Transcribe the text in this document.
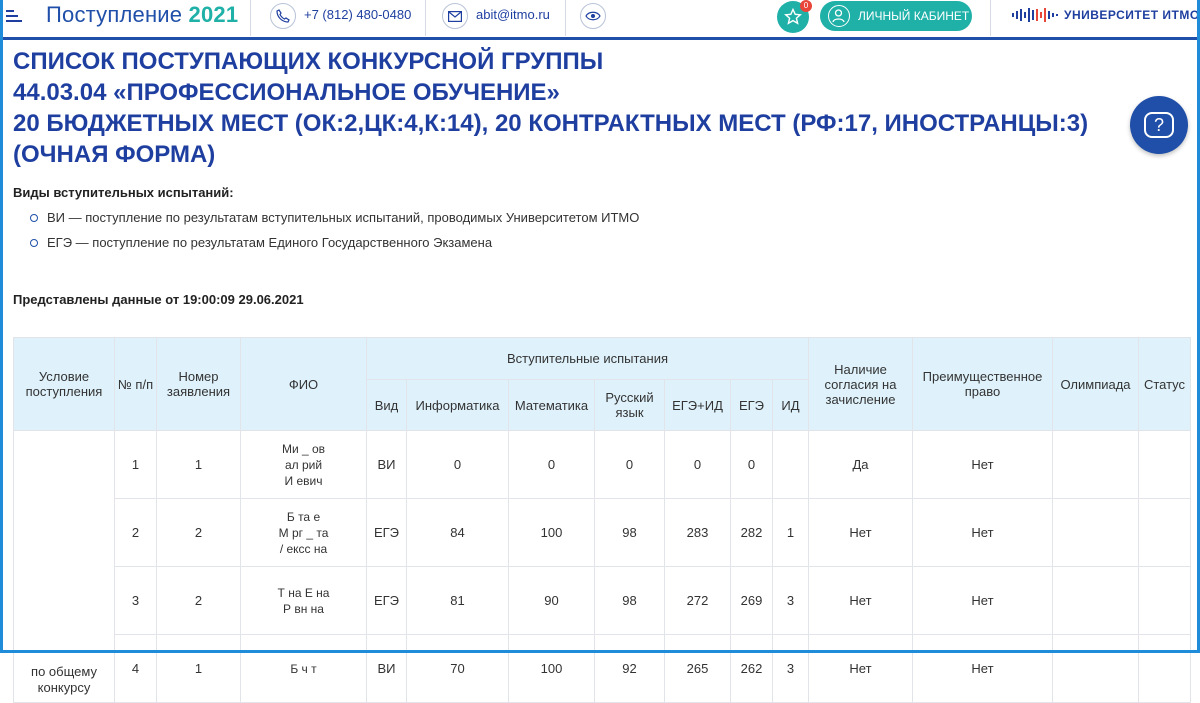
Поступление 2021	+7 (812) 480-0480	abit@itmo.ru
0
ЛИЧНЫЙ КАБИНЕТ	УНИВЕРСИТЕТ ИТМО
СПИСОК ПОСТУПАЮЩИХ КОНКУРСНОЙ ГРУППЫ
44.03.04 «ПРОФЕССИОНАЛЬНОЕ ОБУЧЕНИЕ»
20 БЮДЖЕТНЫХ МЕСТ (ОК:2,ЦК:4,К:14), 20 КОНТРАКТНЫХ МЕСТ (РФ:17, ИНОСТРАНЦЫ:3)
(ОЧНАЯ ФОРМА)
?
Виды вступительных испытаний:
ВИ — поступление по результатам вступительных испытаний, проводимых Университетом ИТМО
ЕГЭ — поступление по результатам Единого Государственного Экзамена
Представлены данные от 19:00:09 29.06.2021
Условие поступления	№ п/п	Номер заявления	ФИО	Вступительные испытания							Наличие согласия на зачисление	Преимущественное право	Олимпиада	Статус
				Вид	Информатика	Математика	Русский язык	ЕГЭ+ИД	ЕГЭ	ИД				
по общему конкурсу	1	1	Ми _ ов
ал рий
И евич	ВИ	0	0	0	0	0		Да	Нет		
	2	2	Б та е
М рг _ та
/ ексс на	ЕГЭ	84	100	98	283	282	1	Нет	Нет		
	3	2	Т на Е на
Р вн на	ЕГЭ	81	90	98	272	269	3	Нет	Нет		
	4	1	Б ч т	ВИ	70	100	92	265	262	3	Нет	Нет		
